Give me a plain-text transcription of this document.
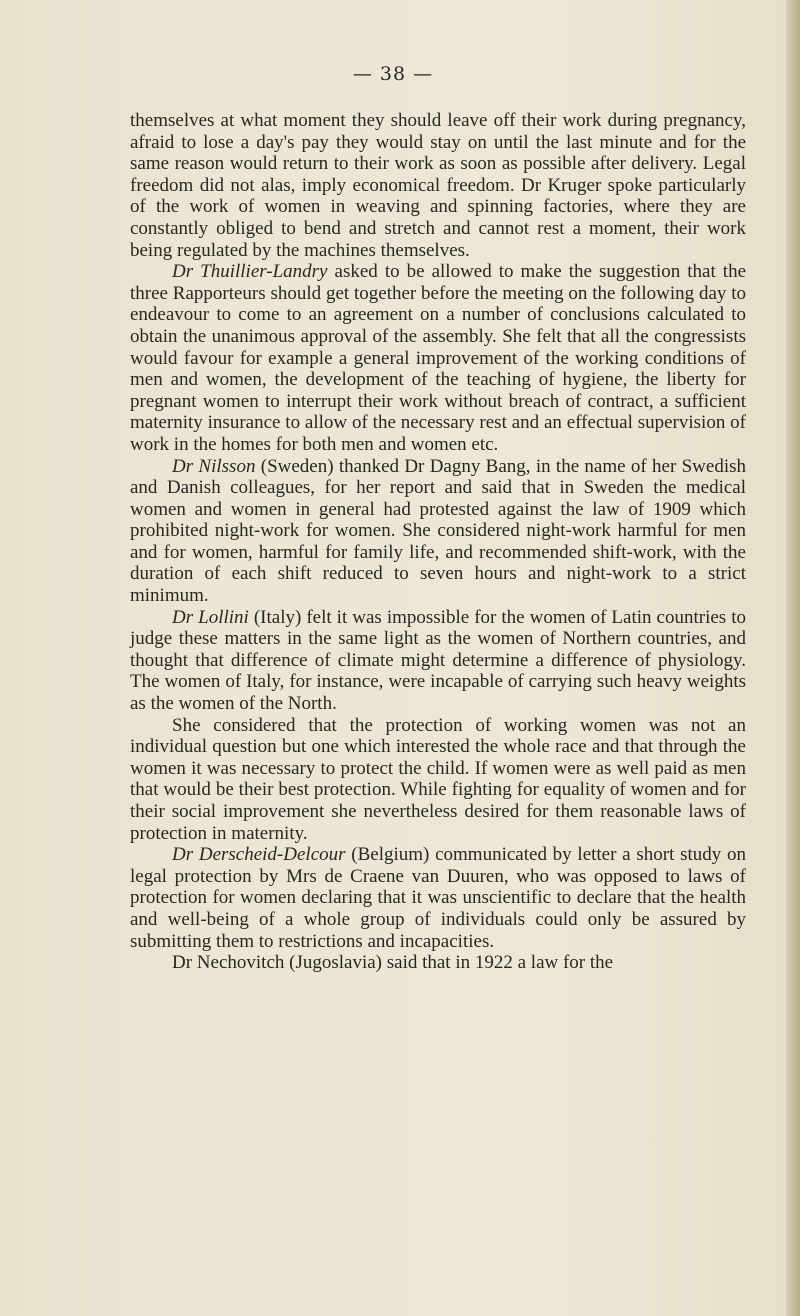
— 38 —

themselves at what moment they should leave off their work during pregnancy, afraid to lose a day's pay they would stay on until the last minute and for the same reason would return to their work as soon as possible after delivery. Legal freedom did not alas, imply economical freedom. Dr Kruger spoke particularly of the work of women in weaving and spinning factories, where they are constantly obliged to bend and stretch and cannot rest a moment, their work being regulated by the machines themselves.

Dr Thuillier-Landry asked to be allowed to make the suggestion that the three Rapporteurs should get together before the meeting on the following day to endeavour to come to an agreement on a number of conclusions calculated to obtain the unanimous approval of the assembly. She felt that all the congressists would favour for example a general improvement of the working conditions of men and women, the development of the teaching of hygiene, the liberty for pregnant women to interrupt their work without breach of contract, a sufficient maternity insurance to allow of the necessary rest and an effectual supervision of work in the homes for both men and women etc.

Dr Nilsson (Sweden) thanked Dr Dagny Bang, in the name of her Swedish and Danish colleagues, for her report and said that in Sweden the medical women and women in general had protested against the law of 1909 which prohibited night-work for women. She considered night-work harmful for men and for women, harmful for family life, and recommended shift-work, with the duration of each shift reduced to seven hours and night-work to a strict minimum.

Dr Lollini (Italy) felt it was impossible for the women of Latin countries to judge these matters in the same light as the women of Northern countries, and thought that difference of climate might determine a difference of physiology. The women of Italy, for instance, were incapable of carrying such heavy weights as the women of the North.

She considered that the protection of working women was not an individual question but one which interested the whole race and that through the women it was necessary to protect the child. If women were as well paid as men that would be their best protection. While fighting for equality of women and for their social improvement she nevertheless desired for them reasonable laws of protection in maternity.

Dr Derscheid-Delcour (Belgium) communicated by letter a short study on legal protection by Mrs de Craene van Duuren, who was opposed to laws of protection for women declaring that it was unscientific to declare that the health and well-being of a whole group of individuals could only be assured by submitting them to restrictions and incapacities.

Dr Nechovitch (Jugoslavia) said that in 1922 a law for the
